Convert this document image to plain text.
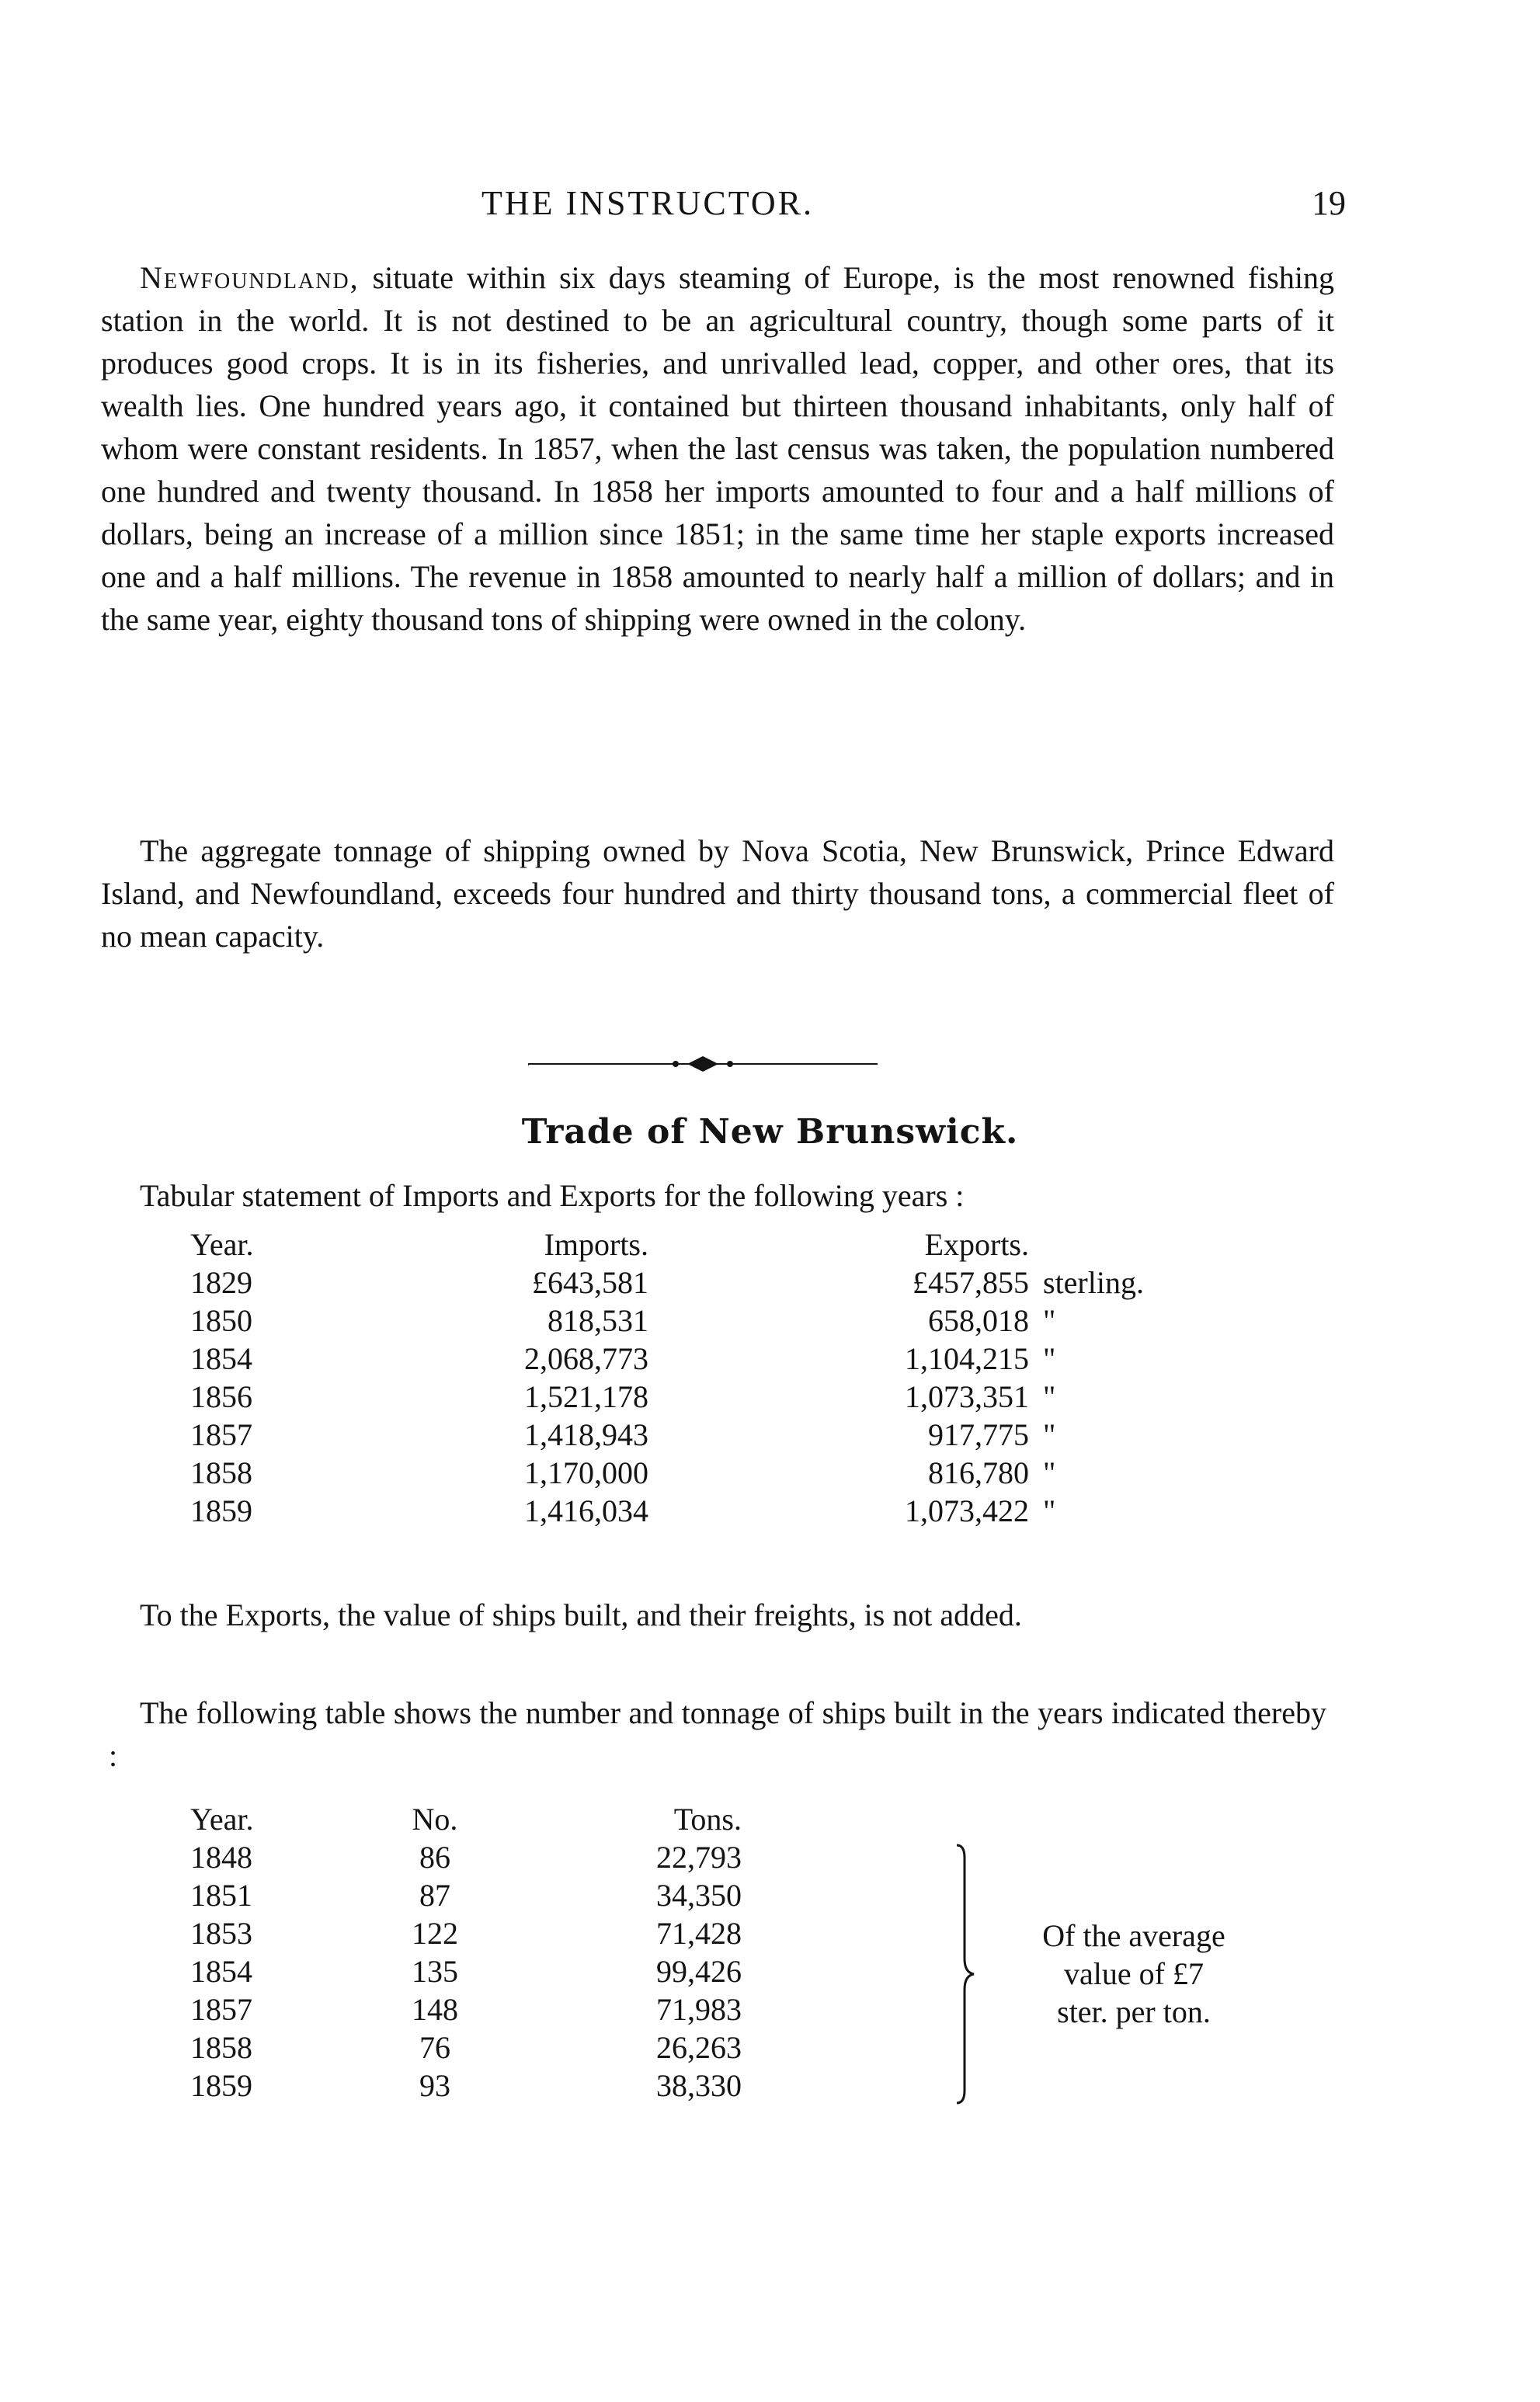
THE INSTRUCTOR.	19

Newfoundland, situate within six days steaming of Europe, is the most renowned fishing station in the world. It is not destined to be an agricultural country, though some parts of it produces good crops. It is in its fisheries, and unrivalled lead, copper, and other ores, that its wealth lies. One hundred years ago, it contained but thirteen thousand inhabitants, only half of whom were constant residents. In 1857, when the last census was taken, the population numbered one hundred and twenty thousand. In 1858 her imports amounted to four and a half millions of dollars, being an increase of a million since 1851; in the same time her staple exports increased one and a half millions. The revenue in 1858 amounted to nearly half a million of dollars; and in the same year, eighty thousand tons of shipping were owned in the colony.

The aggregate tonnage of shipping owned by Nova Scotia, New Brunswick, Prince Edward Island, and Newfoundland, exceeds four hundred and thirty thousand tons, a commercial fleet of no mean capacity.

Trade of New Brunswick.

Tabular statement of Imports and Exports for the following years :

Year.	Imports.		Exports.	
1829	£643,581		£457,855	sterling.
1850	818,531		658,018	"
1854	2,068,773		1,104,215	"
1856	1,521,178		1,073,351	"
1857	1,418,943		917,775	"
1858	1,170,000		816,780	"
1859	1,416,034		1,073,422	"

To the Exports, the value of ships built, and their freights, is not added.

The following table shows the number and tonnage of ships built in the years indicated thereby :

Year.	No.		Tons.
1848	86		22,793
1851	87		34,350
1853	122		71,428
1854	135		99,426
1857	148		71,983
1858	76		26,263
1859	93		38,330
Of the average
value of £7
ster. per ton.
